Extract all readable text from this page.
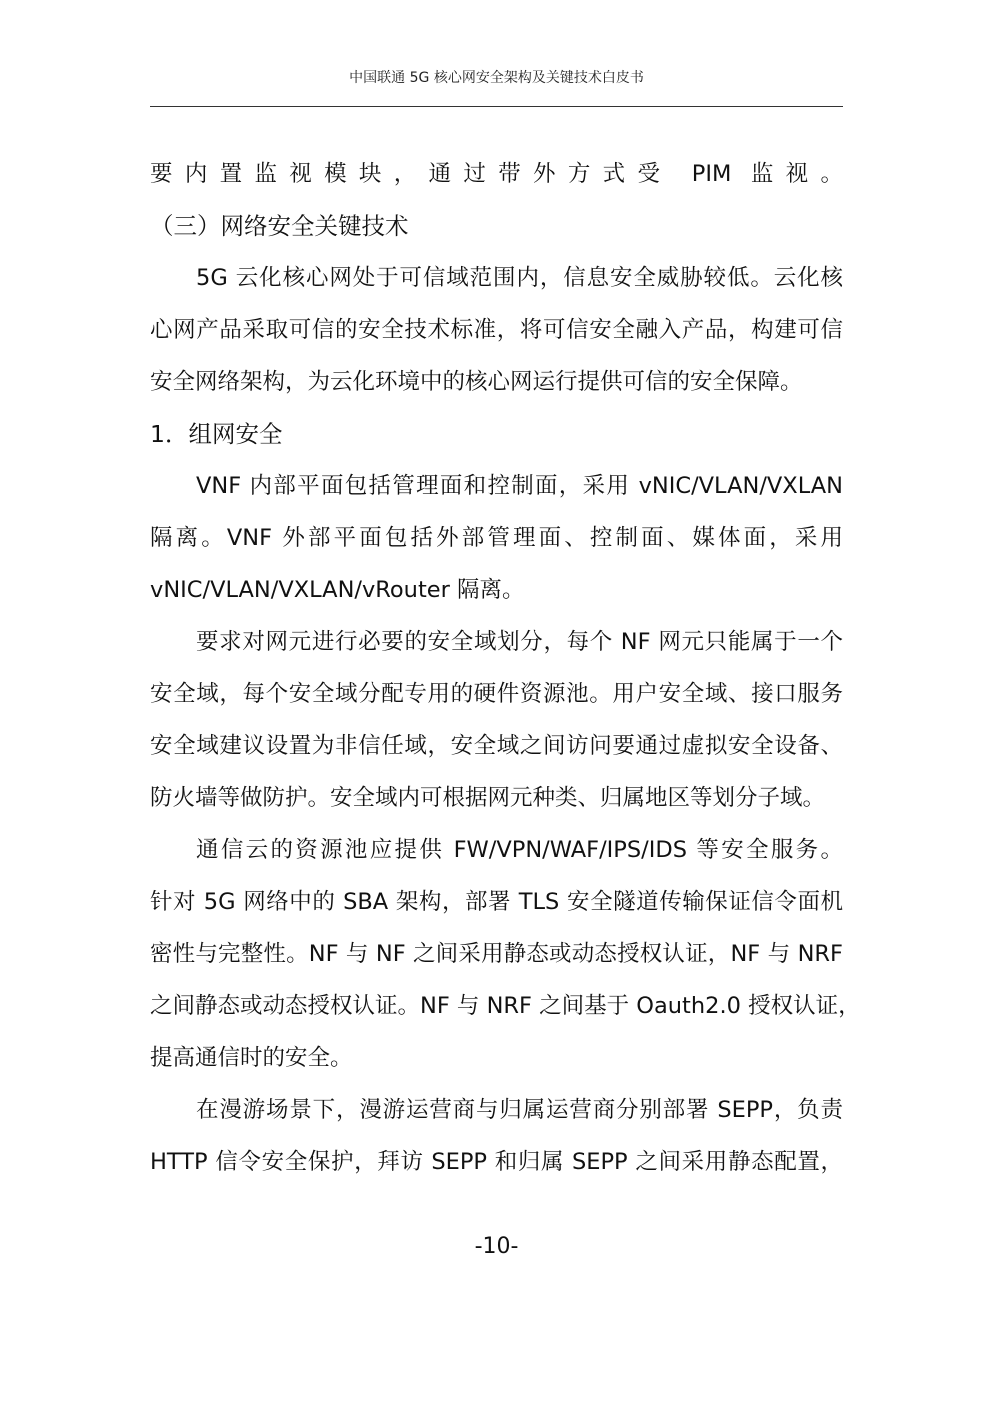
中国联通 5G 核心网安全架构及关键技术白皮书
要内置监视模块，通过带外方式受 PIM 监视。
（三）网络安全关键技术
5G 云化核心网处于可信域范围内，信息安全威胁较低。云化核
心网产品采取可信的安全技术标准，将可信安全融入产品，构建可信
安全网络架构，为云化环境中的核心网运行提供可信的安全保障。
1．组网安全
VNF 内部平面包括管理面和控制面，采用 vNIC/VLAN/VXLAN
隔离。VNF 外部平面包括外部管理面、控制面、媒体面，采用
vNIC/VLAN/VXLAN/vRouter 隔离。
要求对网元进行必要的安全域划分，每个 NF 网元只能属于一个
安全域，每个安全域分配专用的硬件资源池。用户安全域、接口服务
安全域建议设置为非信任域，安全域之间访问要通过虚拟安全设备、
防火墙等做防护。安全域内可根据网元种类、归属地区等划分子域。
通信云的资源池应提供 FW/VPN/WAF/IPS/IDS 等安全服务。
针对 5G 网络中的 SBA 架构，部署 TLS 安全隧道传输保证信令面机
密性与完整性。NF 与 NF 之间采用静态或动态授权认证，NF 与 NRF
之间静态或动态授权认证。NF 与 NRF 之间基于 Oauth2.0 授权认证，
提高通信时的安全。
在漫游场景下，漫游运营商与归属运营商分别部署 SEPP，负责
HTTP 信令安全保护，拜访 SEPP 和归属 SEPP 之间采用静态配置，
-10-
